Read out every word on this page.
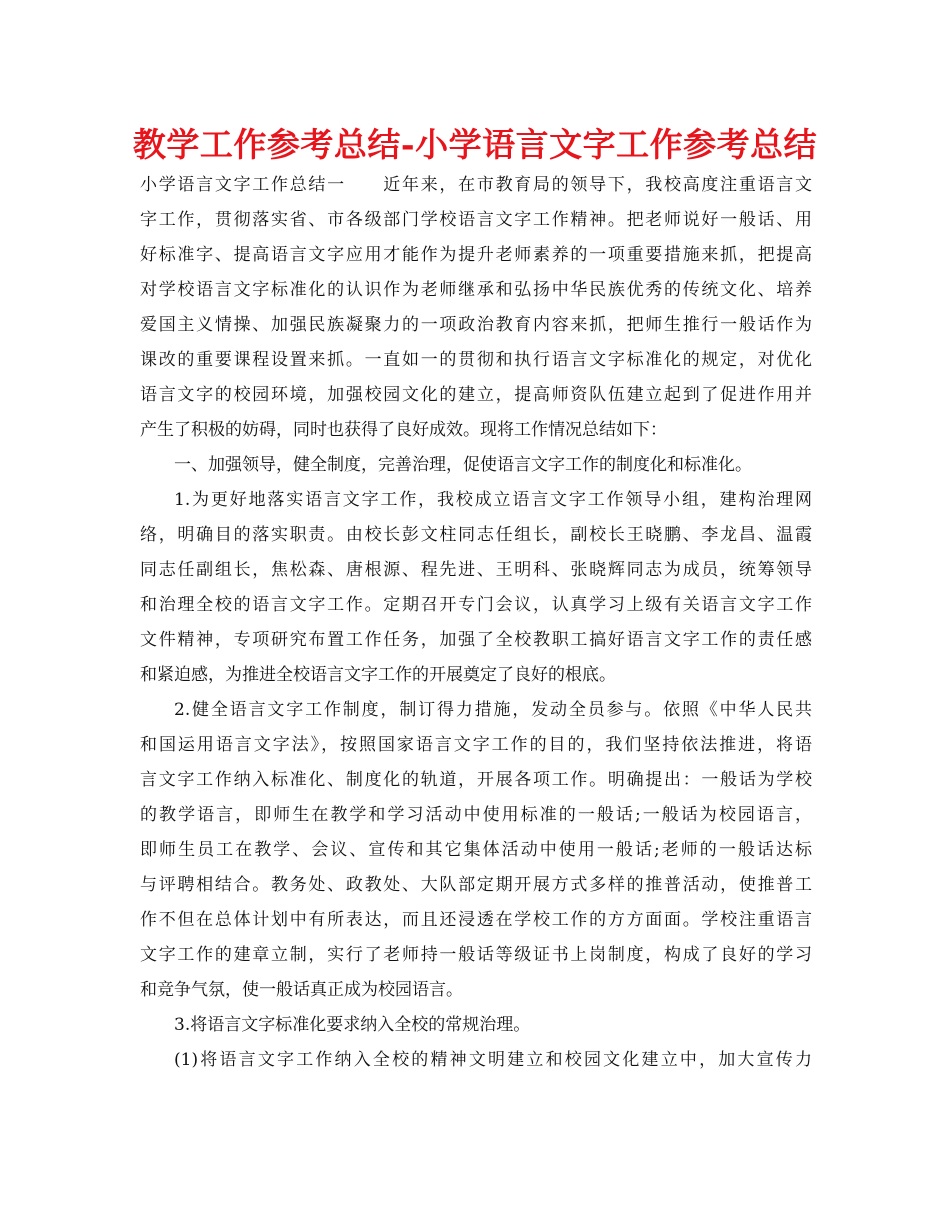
教学工作参考总结-小学语言文字工作参考总结
小学语言文字工作总结一　　近年来，在市教育局的领导下，我校高度注重语言文
字工作，贯彻落实省、市各级部门学校语言文字工作精神。把老师说好一般话、用
好标准字、提高语言文字应用才能作为提升老师素养的一项重要措施来抓，把提高
对学校语言文字标准化的认识作为老师继承和弘扬中华民族优秀的传统文化、培养
爱国主义情操、加强民族凝聚力的一项政治教育内容来抓，把师生推行一般话作为
课改的重要课程设置来抓。一直如一的贯彻和执行语言文字标准化的规定，对优化
语言文字的校园环境，加强校园文化的建立，提高师资队伍建立起到了促进作用并
产生了积极的妨碍，同时也获得了良好成效。现将工作情况总结如下：
一、加强领导，健全制度，完善治理，促使语言文字工作的制度化和标准化。
1.为更好地落实语言文字工作，我校成立语言文字工作领导小组，建构治理网
络，明确目的落实职责。由校长彭文柱同志任组长，副校长王晓鹏、李龙昌、温霞
同志任副组长，焦松森、唐根源、程先进、王明科、张晓辉同志为成员，统筹领导
和治理全校的语言文字工作。定期召开专门会议，认真学习上级有关语言文字工作
文件精神，专项研究布置工作任务，加强了全校教职工搞好语言文字工作的责任感
和紧迫感，为推进全校语言文字工作的开展奠定了良好的根底。
2.健全语言文字工作制度，制订得力措施，发动全员参与。依照《中华人民共
和国运用语言文字法》，按照国家语言文字工作的目的，我们坚持依法推进，将语
言文字工作纳入标准化、制度化的轨道，开展各项工作。明确提出：一般话为学校
的教学语言，即师生在教学和学习活动中使用标准的一般话;一般话为校园语言，
即师生员工在教学、会议、宣传和其它集体活动中使用一般话;老师的一般话达标
与评聘相结合。教务处、政教处、大队部定期开展方式多样的推普活动，使推普工
作不但在总体计划中有所表达，而且还浸透在学校工作的方方面面。学校注重语言
文字工作的建章立制，实行了老师持一般话等级证书上岗制度，构成了良好的学习
和竞争气氛，使一般话真正成为校园语言。
3.将语言文字标准化要求纳入全校的常规治理。
(1)将语言文字工作纳入全校的精神文明建立和校园文化建立中，加大宣传力
